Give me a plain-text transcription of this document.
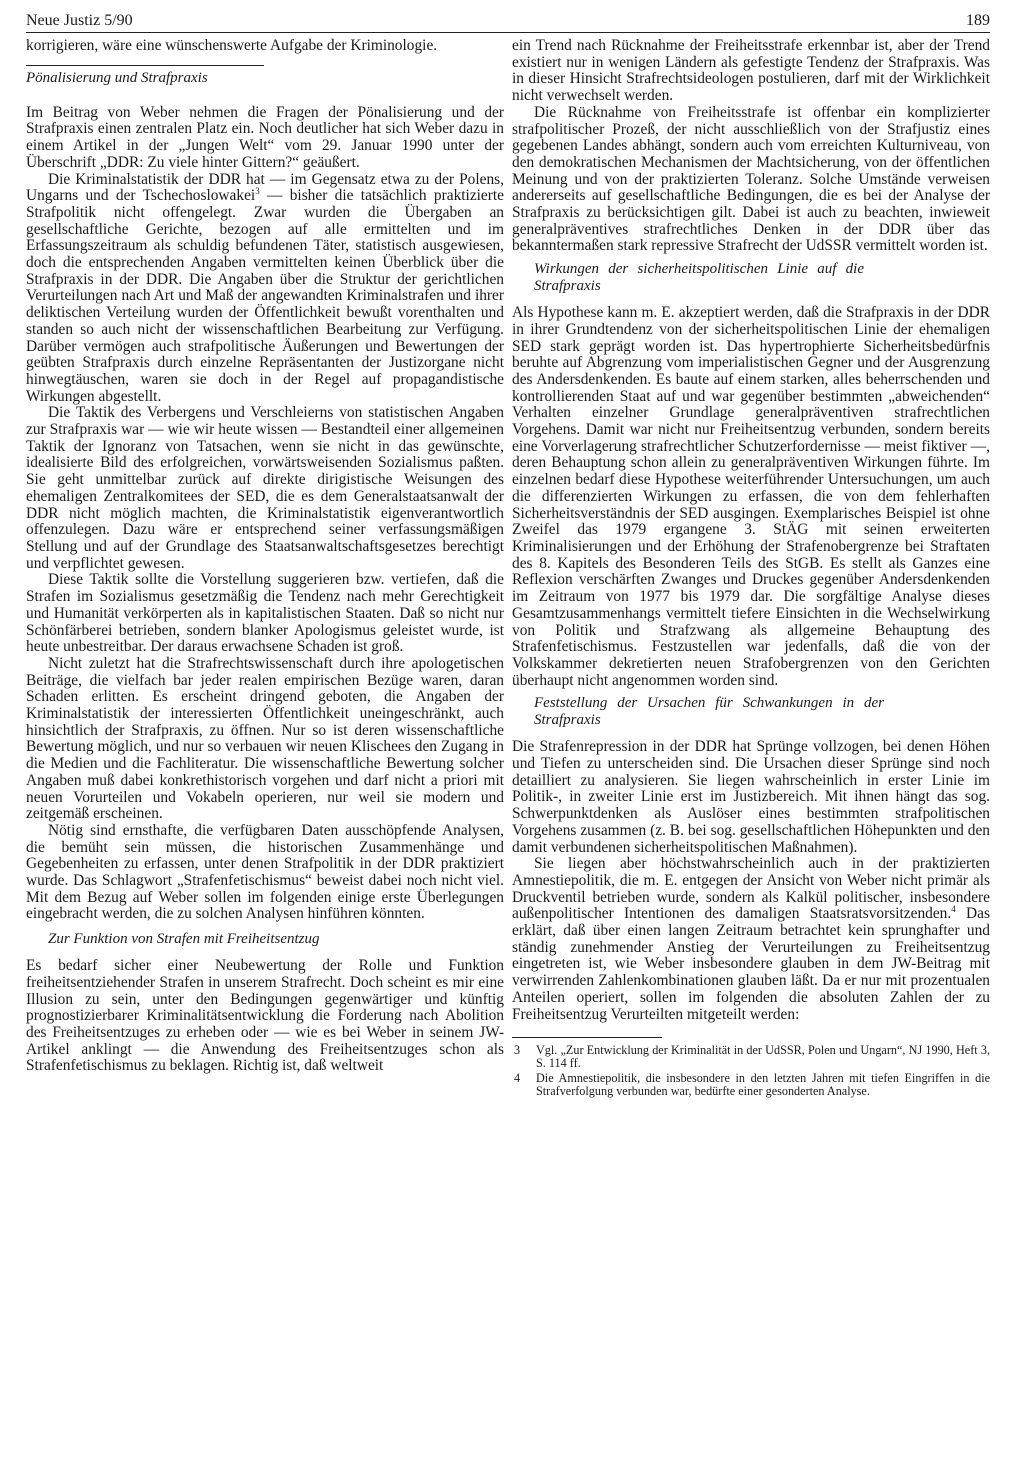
Neue Justiz 5/90	189

korrigieren, wäre eine wünschenswerte Aufgabe der Kriminologie.

Pönalisierung und Strafpraxis

Im Beitrag von Weber nehmen die Fragen der Pönalisierung und der Strafpraxis einen zentralen Platz ein. Noch deutlicher hat sich Weber dazu in einem Artikel in der „Jungen Welt“ vom 29. Januar 1990 unter der Überschrift „DDR: Zu viele hinter Gittern?“ geäußert.

Die Kriminalstatistik der DDR hat — im Gegensatz etwa zu der Polens, Ungarns und der Tschechoslowakei$^3$ — bisher die tatsächlich praktizierte Strafpolitik nicht offengelegt. Zwar wurden die Übergaben an gesellschaftliche Gerichte, bezogen auf alle ermittelten und im Erfassungszeitraum als schuldig befundenen Täter, statistisch ausgewiesen, doch die entsprechenden Angaben vermittelten keinen Überblick über die Strafpraxis in der DDR. Die Angaben über die Struktur der gerichtlichen Verurteilungen nach Art und Maß der angewandten Kriminalstrafen und ihrer deliktischen Verteilung wurden der Öffentlichkeit bewußt vorenthalten und standen so auch nicht der wissenschaftlichen Bearbeitung zur Verfügung. Darüber vermögen auch strafpolitische Äußerungen und Bewertungen der geübten Strafpraxis durch einzelne Repräsentanten der Justizorgane nicht hinwegtäuschen, waren sie doch in der Regel auf propagandistische Wirkungen abgestellt.

Die Taktik des Verbergens und Verschleierns von statistischen Angaben zur Strafpraxis war — wie wir heute wissen — Bestandteil einer allgemeinen Taktik der Ignoranz von Tatsachen, wenn sie nicht in das gewünschte, idealisierte Bild des erfolgreichen, vorwärtsweisenden Sozialismus paßten. Sie geht unmittelbar zurück auf direkte dirigistische Weisungen des ehemaligen Zentralkomitees der SED, die es dem Generalstaatsanwalt der DDR nicht möglich machten, die Kriminalstatistik eigenverantwortlich offenzulegen. Dazu wäre er entsprechend seiner verfassungsmäßigen Stellung und auf der Grundlage des Staatsanwaltschaftsgesetzes berechtigt und verpflichtet gewesen.

Diese Taktik sollte die Vorstellung suggerieren bzw. vertiefen, daß die Strafen im Sozialismus gesetzmäßig die Tendenz nach mehr Gerechtigkeit und Humanität verkörperten als in kapitalistischen Staaten. Daß so nicht nur Schönfärberei betrieben, sondern blanker Apologismus geleistet wurde, ist heute unbestreitbar. Der daraus erwachsene Schaden ist groß.

Nicht zuletzt hat die Strafrechtswissenschaft durch ihre apologetischen Beiträge, die vielfach bar jeder realen empirischen Bezüge waren, daran Schaden erlitten. Es erscheint dringend geboten, die Angaben der Kriminalstatistik der interessierten Öffentlichkeit uneingeschränkt, auch hinsichtlich der Strafpraxis, zu öffnen. Nur so ist deren wissenschaftliche Bewertung möglich, und nur so verbauen wir neuen Klischees den Zugang in die Medien und die Fachliteratur. Die wissenschaftliche Bewertung solcher Angaben muß dabei konkrethistorisch vorgehen und darf nicht a priori mit neuen Vorurteilen und Vokabeln operieren, nur weil sie modern und zeitgemäß erscheinen.

Nötig sind ernsthafte, die verfügbaren Daten ausschöpfende Analysen, die bemüht sein müssen, die historischen Zusammenhänge und Gegebenheiten zu erfassen, unter denen Strafpolitik in der DDR praktiziert wurde. Das Schlagwort „Strafenfetischismus“ beweist dabei noch nicht viel. Mit dem Bezug auf Weber sollen im folgenden einige erste Überlegungen eingebracht werden, die zu solchen Analysen hinführen könnten.

Zur Funktion von Strafen mit Freiheitsentzug

Es bedarf sicher einer Neubewertung der Rolle und Funktion freiheitsentziehender Strafen in unserem Strafrecht. Doch scheint es mir eine Illusion zu sein, unter den Bedingungen gegenwärtiger und künftig prognostizierbarer Kriminalitätsentwicklung die Forderung nach Abolition des Freiheitsentzuges zu erheben oder — wie es bei Weber in seinem JW-Artikel anklingt — die Anwendung des Freiheitsentzuges schon als Strafenfetischismus zu beklagen. Richtig ist, daß weltweit

ein Trend nach Rücknahme der Freiheitsstrafe erkennbar ist, aber der Trend existiert nur in wenigen Ländern als gefestigte Tendenz der Strafpraxis. Was in dieser Hinsicht Strafrechtsideologen postulieren, darf mit der Wirklichkeit nicht verwechselt werden.

Die Rücknahme von Freiheitsstrafe ist offenbar ein komplizierter strafpolitischer Prozeß, der nicht ausschließlich von der Strafjustiz eines gegebenen Landes abhängt, sondern auch vom erreichten Kulturniveau, von den demokratischen Mechanismen der Machtsicherung, von der öffentlichen Meinung und von der praktizierten Toleranz. Solche Umstände verweisen andererseits auf gesellschaftliche Bedingungen, die es bei der Analyse der Strafpraxis zu berücksichtigen gilt. Dabei ist auch zu beachten, inwieweit generalpräventives strafrechtliches Denken in der DDR über das bekanntermaßen stark repressive Strafrecht der UdSSR vermittelt worden ist.

Wirkungen der sicherheitspolitischen Linie auf die Strafpraxis

Als Hypothese kann m. E. akzeptiert werden, daß die Strafpraxis in der DDR in ihrer Grundtendenz von der sicherheitspolitischen Linie der ehemaligen SED stark geprägt worden ist. Das hypertrophierte Sicherheitsbedürfnis beruhte auf Abgrenzung vom imperialistischen Gegner und der Ausgrenzung des Andersdenkenden. Es baute auf einem starken, alles beherrschenden und kontrollierenden Staat auf und war gegenüber bestimmten „abweichenden“ Verhalten einzelner Grundlage generalpräventiven strafrechtlichen Vorgehens. Damit war nicht nur Freiheitsentzug verbunden, sondern bereits eine Vorverlagerung strafrechtlicher Schutzerfordernisse — meist fiktiver —, deren Behauptung schon allein zu generalpräventiven Wirkungen führte. Im einzelnen bedarf diese Hypothese weiterführender Untersuchungen, um auch die differenzierten Wirkungen zu erfassen, die von dem fehlerhaften Sicherheitsverständnis der SED ausgingen. Exemplarisches Beispiel ist ohne Zweifel das 1979 ergangene 3. StÄG mit seinen erweiterten Kriminalisierungen und der Erhöhung der Strafenobergrenze bei Straftaten des 8. Kapitels des Besonderen Teils des StGB. Es stellt als Ganzes eine Reflexion verschärften Zwanges und Druckes gegenüber Andersdenkenden im Zeitraum von 1977 bis 1979 dar. Die sorgfältige Analyse dieses Gesamtzusammenhangs vermittelt tiefere Einsichten in die Wechselwirkung von Politik und Strafzwang als allgemeine Behauptung des Strafenfetischismus. Festzustellen war jedenfalls, daß die von der Volkskammer dekretierten neuen Strafobergrenzen von den Gerichten überhaupt nicht angenommen worden sind.

Feststellung der Ursachen für Schwankungen in der Strafpraxis

Die Strafenrepression in der DDR hat Sprünge vollzogen, bei denen Höhen und Tiefen zu unterscheiden sind. Die Ursachen dieser Sprünge sind noch detailliert zu analysieren. Sie liegen wahrscheinlich in erster Linie im Politik-, in zweiter Linie erst im Justizbereich. Mit ihnen hängt das sog. Schwerpunktdenken als Auslöser eines bestimmten strafpolitischen Vorgehens zusammen (z. B. bei sog. gesellschaftlichen Höhepunkten und den damit verbundenen sicherheitspolitischen Maßnahmen).

Sie liegen aber höchstwahrscheinlich auch in der praktizierten Amnestiepolitik, die m. E. entgegen der Ansicht von Weber nicht primär als Druckventil betrieben wurde, sondern als Kalkül politischer, insbesondere außenpolitischer Intentionen des damaligen Staatsratsvorsitzenden.$^4$ Das erklärt, daß über einen langen Zeitraum betrachtet kein sprunghafter und ständig zunehmender Anstieg der Verurteilungen zu Freiheitsentzug eingetreten ist, wie Weber insbesondere glauben in dem JW-Beitrag mit verwirrenden Zahlenkombinationen glauben läßt. Da er nur mit prozentualen Anteilen operiert, sollen im folgenden die absoluten Zahlen der zu Freiheitsentzug Verurteilten mitgeteilt werden:

3	Vgl. „Zur Entwicklung der Kriminalität in der UdSSR, Polen und Ungarn“, NJ 1990, Heft 3, S. 114 ff.
4	Die Amnestiepolitik, die insbesondere in den letzten Jahren mit tiefen Eingriffen in die Strafverfolgung verbunden war, bedürfte einer gesonderten Analyse.
